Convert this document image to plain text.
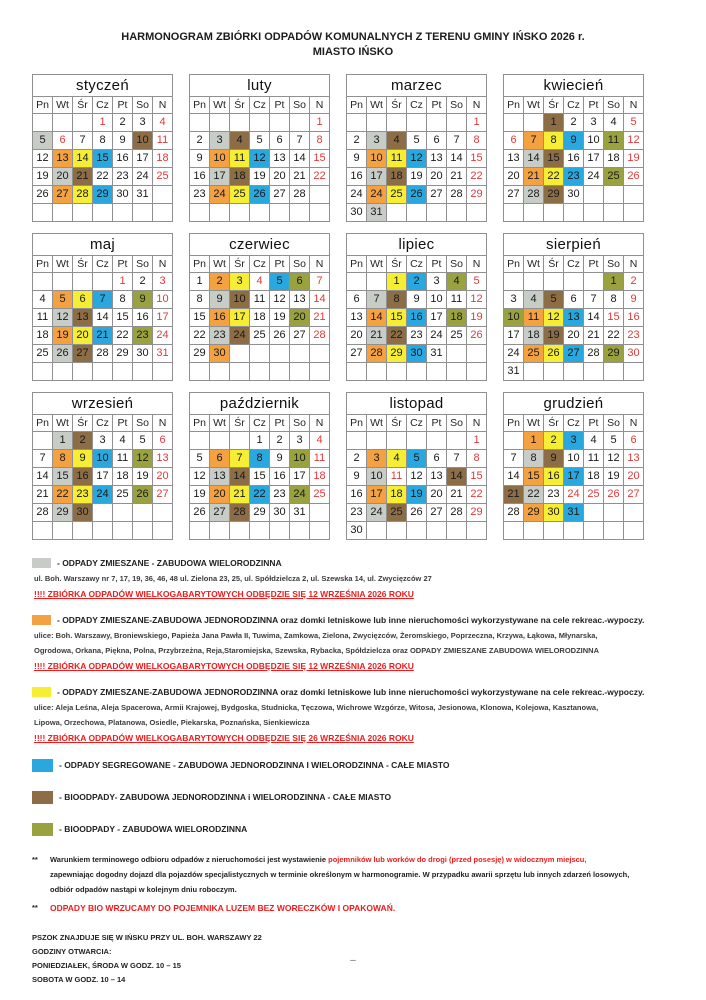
HARMONOGRAM ZBIÓRKI ODPADÓW KOMUNALNYCH Z TERENU GMINY IŃSKO 2026 r.
MIASTO IŃSKO
styczeń						
Pn	Wt	Śr	Cz	Pt	So	N
			1	2	3	4
5	6	7	8	9	10	11
12	13	14	15	16	17	18
19	20	21	22	23	24	25
26	27	28	29	30	31	

luty						
Pn	Wt	Śr	Cz	Pt	So	N
						1
2	3	4	5	6	7	8
9	10	11	12	13	14	15
16	17	18	19	20	21	22
23	24	25	26	27	28	

marzec						
Pn	Wt	Śr	Cz	Pt	So	N
						1
2	3	4	5	6	7	8
9	10	11	12	13	14	15
16	17	18	19	20	21	22
24	24	25	26	27	28	29
30	31					
kwiecień						
Pn	Wt	Śr	Cz	Pt	So	N
		1	2	3	4	5
6	7	8	9	10	11	12
13	14	15	16	17	18	19
20	21	22	23	24	25	26
27	28	29	30			

maj						
Pn	Wt	Śr	Cz	Pt	So	N
				1	2	3
4	5	6	7	8	9	10
11	12	13	14	15	16	17
18	19	20	21	22	23	24
25	26	27	28	29	30	31

czerwiec						
Pn	Wt	Śr	Cz	Pt	So	N
1	2	3	4	5	6	7
8	9	10	11	12	13	14
15	16	17	18	19	20	21
22	23	24	25	26	27	28
29	30					

lipiec						
Pn	Wt	Śr	Cz	Pt	So	N
		1	2	3	4	5
6	7	8	9	10	11	12
13	14	15	16	17	18	19
20	21	22	23	24	25	26
27	28	29	30	31		

sierpień						
Pn	Wt	Śr	Cz	Pt	So	N
					1	2
3	4	5	6	7	8	9
10	11	12	13	14	15	16
17	18	19	20	21	22	23
24	25	26	27	28	29	30
31						
wrzesień						
Pn	Wt	Śr	Cz	Pt	So	N
	1	2	3	4	5	6
7	8	9	10	11	12	13
14	15	16	17	18	19	20
21	22	23	24	25	26	27
28	29	30				

październik						
Pn	Wt	Śr	Cz	Pt	So	N
			1	2	3	4
5	6	7	8	9	10	11
12	13	14	15	16	17	18
19	20	21	22	23	24	25
26	27	28	29	30	31	

listopad						
Pn	Wt	Śr	Cz	Pt	So	N
						1
2	3	4	5	6	7	8
9	10	11	12	13	14	15
16	17	18	19	20	21	22
23	24	25	26	27	28	29
30						
grudzień						
Pn	Wt	Śr	Cz	Pt	So	N
	1	2	3	4	5	6
7	8	9	10	11	12	13
14	15	16	17	18	19	20
21	22	23	24	25	26	27
28	29	30	31			

- ODPADY ZMIESZANE - ZABUDOWA WIELORODZINNA
ul. Boh. Warszawy nr 7, 17, 19, 36, 46, 48 ul. Zielona 23, 25, ul. Spółdzielcza 2, ul. Szewska 14, ul. Zwycięzców 27
!!!! ZBIÓRKA ODPADÓW WIELKOGABARYTOWYCH ODBĘDZIE SIĘ 12 WRZEŚNIA 2026 ROKU
- ODPADY ZMIESZANE-ZABUDOWA JEDNORODZINNA oraz domki letniskowe lub inne nieruchomości wykorzystywane na cele rekreac.-wypoczy.
ulice: Boh. Warszawy, Broniewskiego, Papieża Jana Pawła II, Tuwima, Zamkowa, Zielona, Zwycięzców, Żeromskiego, Poprzeczna, Krzywa, Łąkowa, Młynarska,
Ogrodowa, Orkana, Piękna, Polna, Przybrzeżna, Reja,Staromiejska, Szewska, Rybacka, Spółdzielcza oraz ODPADY ZMIESZANE ZABUDOWA WIELORODZINNA
!!!! ZBIÓRKA ODPADÓW WIELKOGABARYTOWYCH ODBĘDZIE SIĘ 12 WRZEŚNIA 2026 ROKU
- ODPADY ZMIESZANE-ZABUDOWA JEDNORODZINNA oraz domki letniskowe lub inne nieruchomości wykorzystywane na cele rekreac.-wypoczy.
ulice: Aleja Leśna, Aleja Spacerowa, Armii Krajowej, Bydgoska, Studnicka, Tęczowa, Wichrowe Wzgórze, Witosa, Jesionowa, Klonowa, Kolejowa, Kasztanowa,
Lipowa, Orzechowa, Platanowa, Osiedle, Piekarska, Poznańska, Sienkiewicza
!!!! ZBIÓRKA ODPADÓW WIELKOGABARYTOWYCH ODBĘDZIE SIĘ 26 WRZEŚNIA 2026 ROKU
- ODPADY SEGREGOWANE - ZABUDOWA JEDNORODZINNA I WIELORODZINNA - CAŁE MIASTO
- BIOODPADY- ZABUDOWA JEDNORODZINNA i WIELORODZINNA - CAŁE MIASTO
- BIOODPADY - ZABUDOWA WIELORODZINNA
**	Warunkiem terminowego odbioru odpadów z nieruchomości jest wystawienie pojemników lub worków do drogi (przed posesję) w widocznym miejscu,
zapewniając dogodny dojazd dla pojazdów specjalistycznych w terminie określonym w harmonogramie. W przypadku awarii sprzętu lub innych zdarzeń losowych,
odbiór odpadów nastąpi w kolejnym dniu roboczym.
**	ODPADY BIO WRZUCAMY DO POJEMNIKA LUZEM BEZ WORECZKÓW I OPAKOWAŃ.
PSZOK ZNAJDUJE SIĘ W IŃSKU PRZY UL. BOH. WARSZAWY 22
GODZINY OTWARCIA:
PONIEDZIAŁEK, ŚRODA W GODZ. 10 – 15
SOBOTA W GODZ. 10 – 14
–
